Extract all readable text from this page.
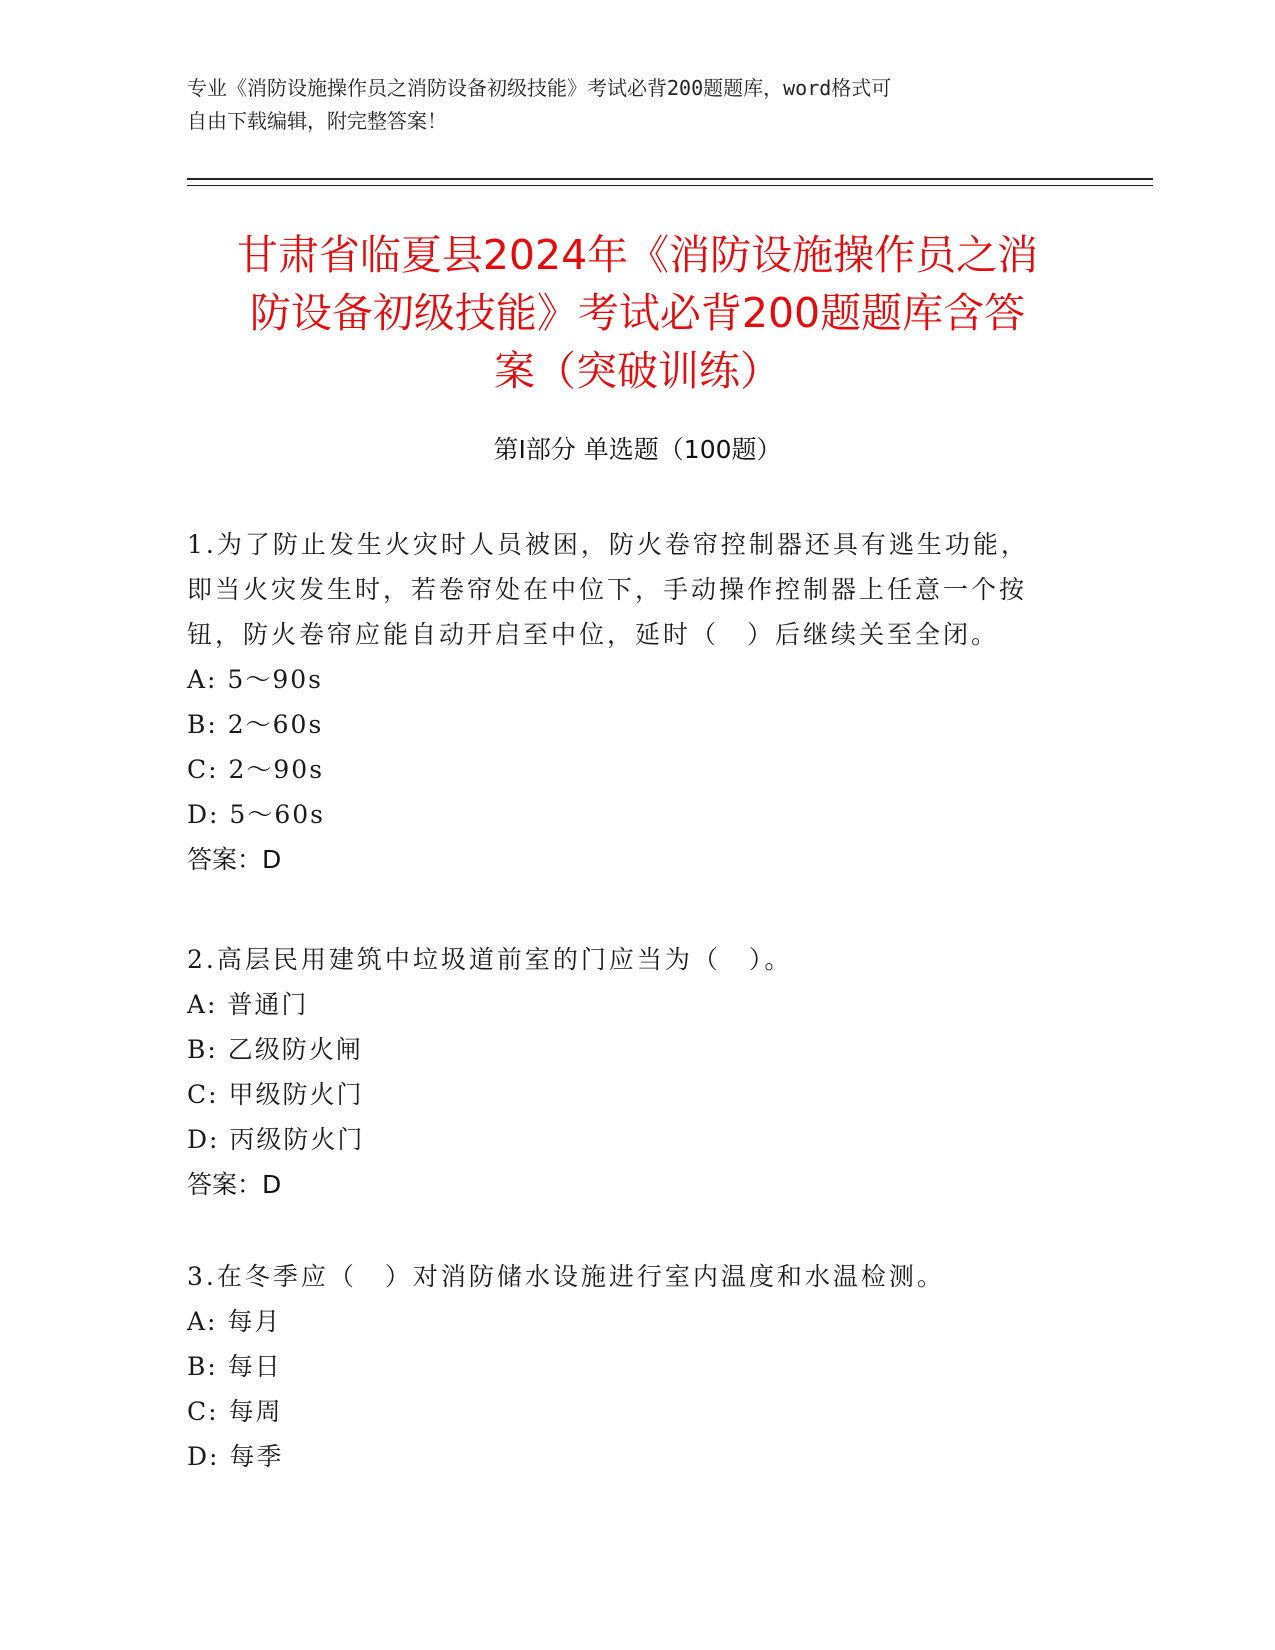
专业《消防设施操作员之消防设备初级技能》考试必背200题题库，word格式可
自由下载编辑，附完整答案！
甘肃省临夏县2024年《消防设施操作员之消
防设备初级技能》考试必背200题题库含答
案（突破训练）
第Ⅰ部分 单选题（100题）
1.为了防止发生火灾时人员被困，防火卷帘控制器还具有逃生功能，
即当火灾发生时，若卷帘处在中位下，手动操作控制器上任意一个按
钮，防火卷帘应能自动开启至中位，延时（　）后继续关至全闭。
A: 5～90s
B: 2～60s
C: 2～90s
D: 5～60s
答案：D
2.高层民用建筑中垃圾道前室的门应当为（　）。
A: 普通门
B: 乙级防火闸
C: 甲级防火门
D: 丙级防火门
答案：D
3.在冬季应（　）对消防储水设施进行室内温度和水温检测。
A: 每月
B: 每日
C: 每周
D: 每季
